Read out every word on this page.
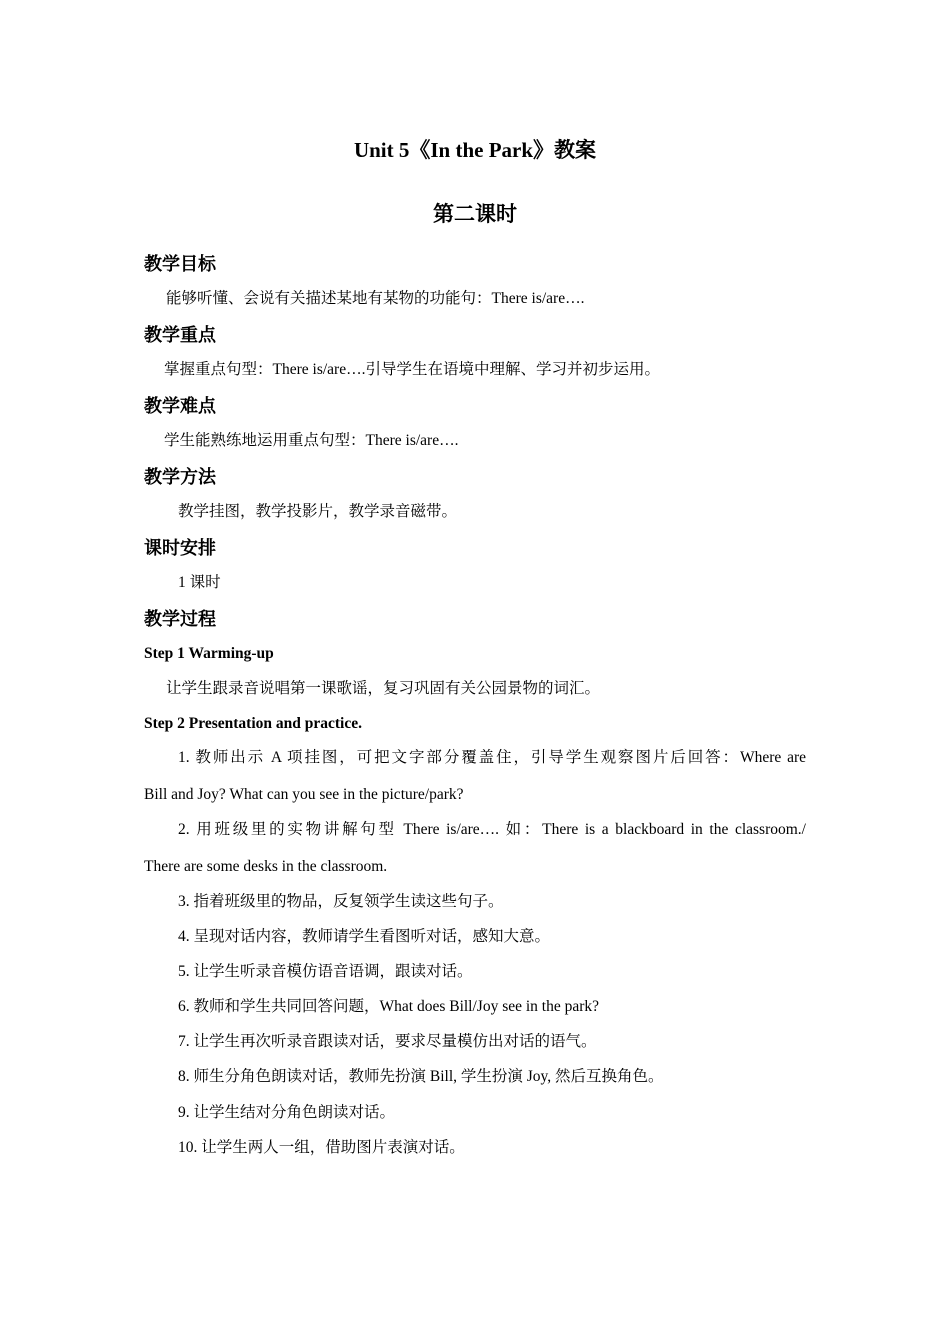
Unit 5《In the Park》教案
第二课时
教学目标
能够听懂、会说有关描述某地有某物的功能句：There is/are….
教学重点
掌握重点句型：There is/are….引导学生在语境中理解、学习并初步运用。
教学难点
学生能熟练地运用重点句型：There is/are….
教学方法
教学挂图，教学投影片，教学录音磁带。
课时安排
1 课时
教学过程
Step 1 Warming-up
让学生跟录音说唱第一课歌谣，复习巩固有关公园景物的词汇。
Step 2 Presentation and practice.
1. 教师出示 A 项挂图，可把文字部分覆盖住，引导学生观察图片后回答：Where are
Bill and Joy? What can you see in the picture/park?
2. 用班级里的实物讲解句型 There is/are…. 如：There is a blackboard in the classroom./
There are some desks in the classroom.
3. 指着班级里的物品，反复领学生读这些句子。
4. 呈现对话内容，教师请学生看图听对话，感知大意。
5. 让学生听录音模仿语音语调，跟读对话。
6. 教师和学生共同回答问题，What does Bill/Joy see in the park?
7. 让学生再次听录音跟读对话，要求尽量模仿出对话的语气。
8. 师生分角色朗读对话，教师先扮演 Bill, 学生扮演 Joy, 然后互换角色。
9. 让学生结对分角色朗读对话。
10. 让学生两人一组，借助图片表演对话。
